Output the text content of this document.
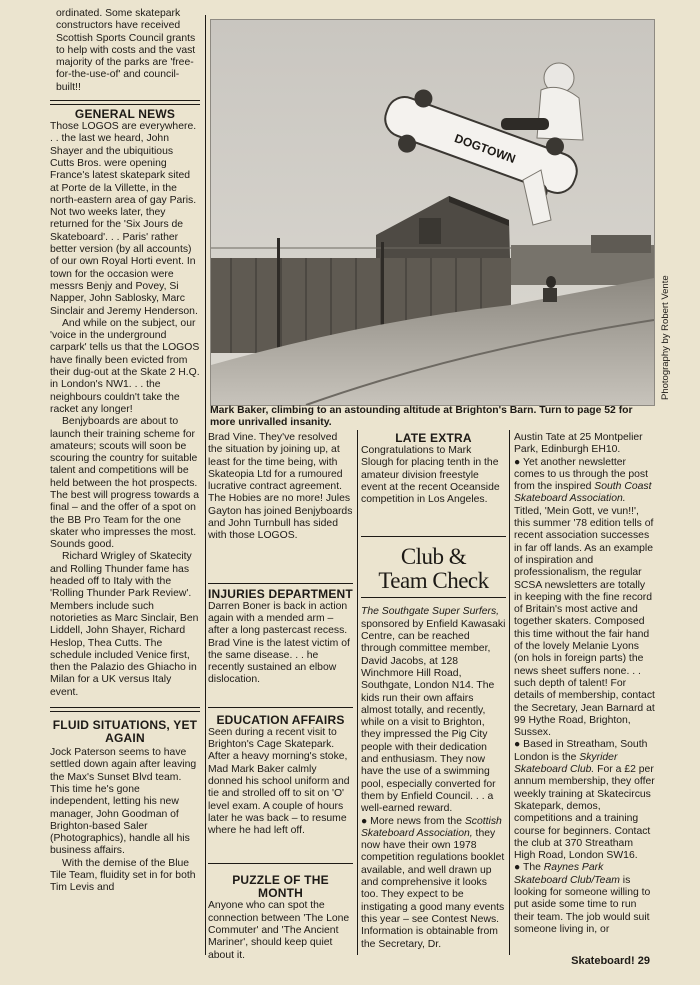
ordinated. Some skatepark constructors have received Scottish Sports Council grants to help with costs and the vast majority of the parks are 'free-for-the-use-of' and council-built!!

GENERAL NEWS

Those LOGOS are everywhere. . . the last we heard, John Shayer and the ubiquitious Cutts Bros. were opening France's latest skatepark sited at Porte de la Villette, in the north-eastern area of gay Paris. Not two weeks later, they returned for the 'Six Jours de Skateboard'. . . Paris' rather better version (by all accounts) of our own Royal Horti event. In town for the occasion were messrs Benjy and Povey, Si Napper, John Sablosky, Marc Sinclair and Jeremy Henderson.

And while on the subject, our 'voice in the underground carpark' tells us that the LOGOS have finally been evicted from their dug-out at the Skate 2 H.Q. in London's NW1. . . the neighbours couldn't take the racket any longer!

Benjyboards are about to launch their training scheme for amateurs; scouts will soon be scouring the country for suitable talent and competitions will be held between the hot prospects. The best will progress towards a final – and the offer of a spot on the BB Pro Team for the one skater who impresses the most. Sounds good.

Richard Wrigley of Skatecity and Rolling Thunder fame has headed off to Italy with the 'Rolling Thunder Park Review'. Members include such notorieties as Marc Sinclair, Ben Liddell, John Shayer, Richard Heslop, Thea Cutts. The schedule included Venice first, then the Palazio des Ghiacho in Milan for a UK versus Italy event.

FLUID SITUATIONS, YET AGAIN

Jock Paterson seems to have settled down again after leaving the Max's Sunset Blvd team. This time he's gone independent, letting his new manager, John Goodman of Brighton-based Saler (Photographics), handle all his business affairs.

With the demise of the Blue Tile Team, fluidity set in for both Tim Levis and

DOGTOWN
Photography by Robert Vente
Mark Baker, climbing to an astounding altitude at Brighton's Barn. Turn to page 52 for more unrivalled insanity.

Brad Vine. They've resolved the situation by joining up, at least for the time being, with Skateopia Ltd for a rumoured lucrative contract agreement. The Hobies are no more! Jules Gayton has joined Benjyboards and John Turnbull has sided with those LOGOS.

INJURIES DEPARTMENT

Darren Boner is back in action again with a mended arm – after a long pastercast recess. Brad Vine is the latest victim of the same disease. . . he recently sustained an elbow dislocation.

EDUCATION AFFAIRS

Seen during a recent visit to Brighton's Cage Skatepark. After a heavy morning's stoke, Mad Mark Baker calmly donned his school uniform and tie and strolled off to sit on 'O' level exam. A couple of hours later he was back – to resume where he had left off.

PUZZLE OF THE MONTH

Anyone who can spot the connection between 'The Lone Commuter' and 'The Ancient Mariner', should keep quiet about it.

LATE EXTRA

Congratulations to Mark Slough for placing tenth in the amateur division freestyle event at the recent Oceanside competition in Los Angeles.

Club &
Team Check

The Southgate Super Surfers, sponsored by Enfield Kawasaki Centre, can be reached through committee member, David Jacobs, at 128 Winchmore Hill Road, Southgate, London N14. The kids run their own affairs almost totally, and recently, while on a visit to Brighton, they impressed the Pig City people with their dedication and enthusiasm. They now have the use of a swimming pool, especially converted for them by Enfield Council. . . a well-earned reward.

● More news from the Scottish Skateboard Association, they now have their own 1978 competition regulations booklet available, and well drawn up and comprehensive it looks too. They expect to be instigating a good many events this year – see Contest News. Information is obtainable from the Secretary, Dr.

Austin Tate at 25 Montpelier Park, Edinburgh EH10.

● Yet another newsletter comes to us through the post from the inspired South Coast Skateboard Association. Titled, 'Mein Gott, ve vun!!', this summer '78 edition tells of recent association successes in far off lands. As an example of inspiration and professionalism, the regular SCSA newsletters are totally in keeping with the fine record of Britain's most active and together skaters. Composed this time without the fair hand of the lovely Melanie Lyons (on hols in foreign parts) the news sheet suffers none. . . such depth of talent! For details of membership, contact the Secretary, Jean Barnard at 99 Hythe Road, Brighton, Sussex.

● Based in Streatham, South London is the Skyrider Skateboard Club. For a £2 per annum membership, they offer weekly training at Skatecircus Skatepark, demos, competitions and a training course for beginners. Contact the club at 370 Streatham High Road, London SW16.

● The Raynes Park Skateboard Club/Team is looking for someone willing to put aside some time to run their team. The job would suit someone living in, or

Skateboard! 29
